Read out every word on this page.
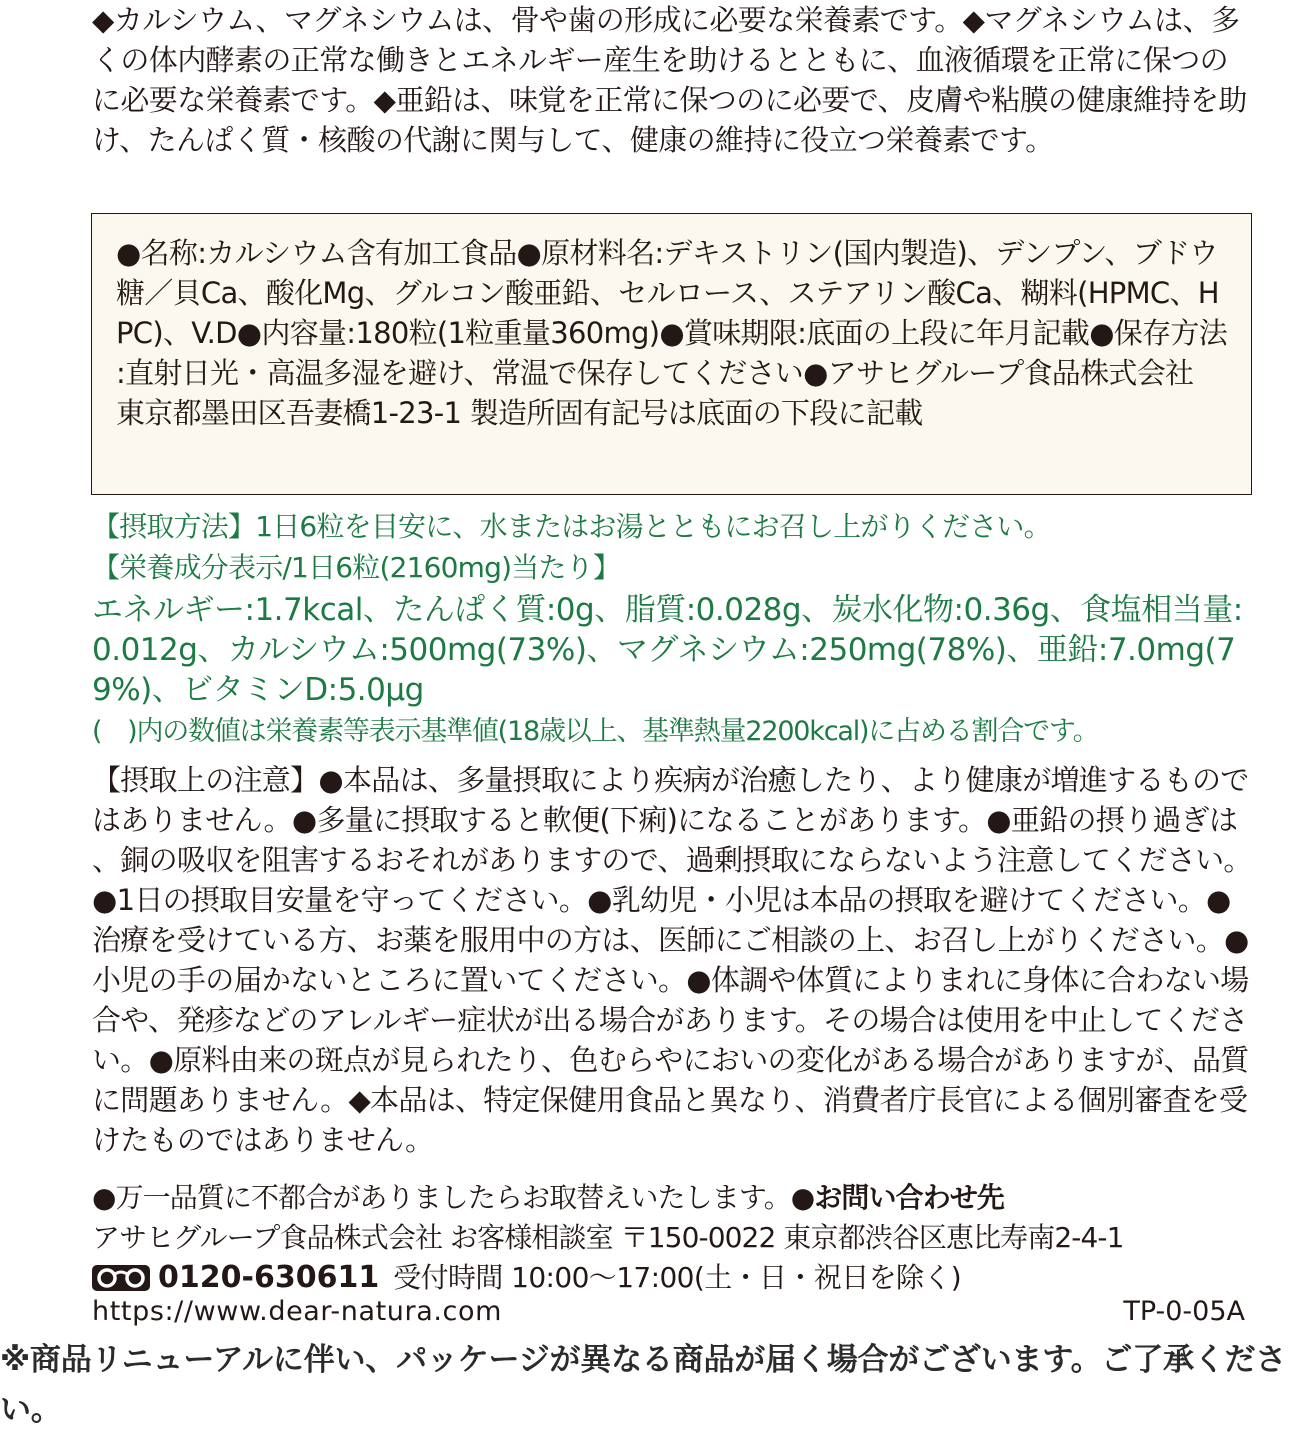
◆カルシウム、マグネシウムは、骨や歯の形成に必要な栄養素です。◆マグネシウムは、多くの体内酵素の正常な働きとエネルギー産生を助けるとともに、血液循環を正常に保つのに必要な栄養素です。◆亜鉛は、味覚を正常に保つのに必要で、皮膚や粘膜の健康維持を助け、たんぱく質・核酸の代謝に関与して、健康の維持に役立つ栄養素です。

●名称:カルシウム含有加工食品●原材料名:デキストリン(国内製造)、デンプン、ブドウ糖／貝Ca、酸化Mg、グルコン酸亜鉛、セルロース、ステアリン酸Ca、糊料(HPMC、HPC)、V.D●内容量:180粒(1粒重量360mg)●賞味期限:底面の上段に年月記載●保存方法:直射日光・高温多湿を避け、常温で保存してください●アサヒグループ食品株式会社 東京都墨田区吾妻橋1-23-1 製造所固有記号は底面の下段に記載

【摂取方法】1日6粒を目安に、水またはお湯とともにお召し上がりください。
【栄養成分表示/1日6粒(2160mg)当たり】

エネルギー:1.7kcal、たんぱく質:0g、脂質:0.028g、炭水化物:0.36g、食塩相当量:0.012g、カルシウム:500mg(73%)、マグネシウム:250mg(78%)、亜鉛:7.0mg(79%)、ビタミンD:5.0μg

(　)内の数値は栄養素等表示基準値(18歳以上、基準熱量2200kcal)に占める割合です。

【摂取上の注意】●本品は、多量摂取により疾病が治癒したり、より健康が増進するものではありません。●多量に摂取すると軟便(下痢)になることがあります。●亜鉛の摂り過ぎは、銅の吸収を阻害するおそれがありますので、過剰摂取にならないよう注意してください。●1日の摂取目安量を守ってください。●乳幼児・小児は本品の摂取を避けてください。●治療を受けている方、お薬を服用中の方は、医師にご相談の上、お召し上がりください。●小児の手の届かないところに置いてください。●体調や体質によりまれに身体に合わない場合や、発疹などのアレルギー症状が出る場合があります。その場合は使用を中止してください。●原料由来の斑点が見られたり、色むらやにおいの変化がある場合がありますが、品質に問題ありません。◆本品は、特定保健用食品と異なり、消費者庁長官による個別審査を受けたものではありません。

●万一品質に不都合がありましたらお取替えいたします。●お問い合わせ先
アサヒグループ食品株式会社 お客様相談室 〒150-0022 東京都渋谷区恵比寿南2-4-1
0120-630611 受付時間 10:00〜17:00(土・日・祝日を除く)
https://www.dear-natura.com	TP-0-05A

※商品リニューアルに伴い、パッケージが異なる商品が届く場合がございます。ご了承ください。
